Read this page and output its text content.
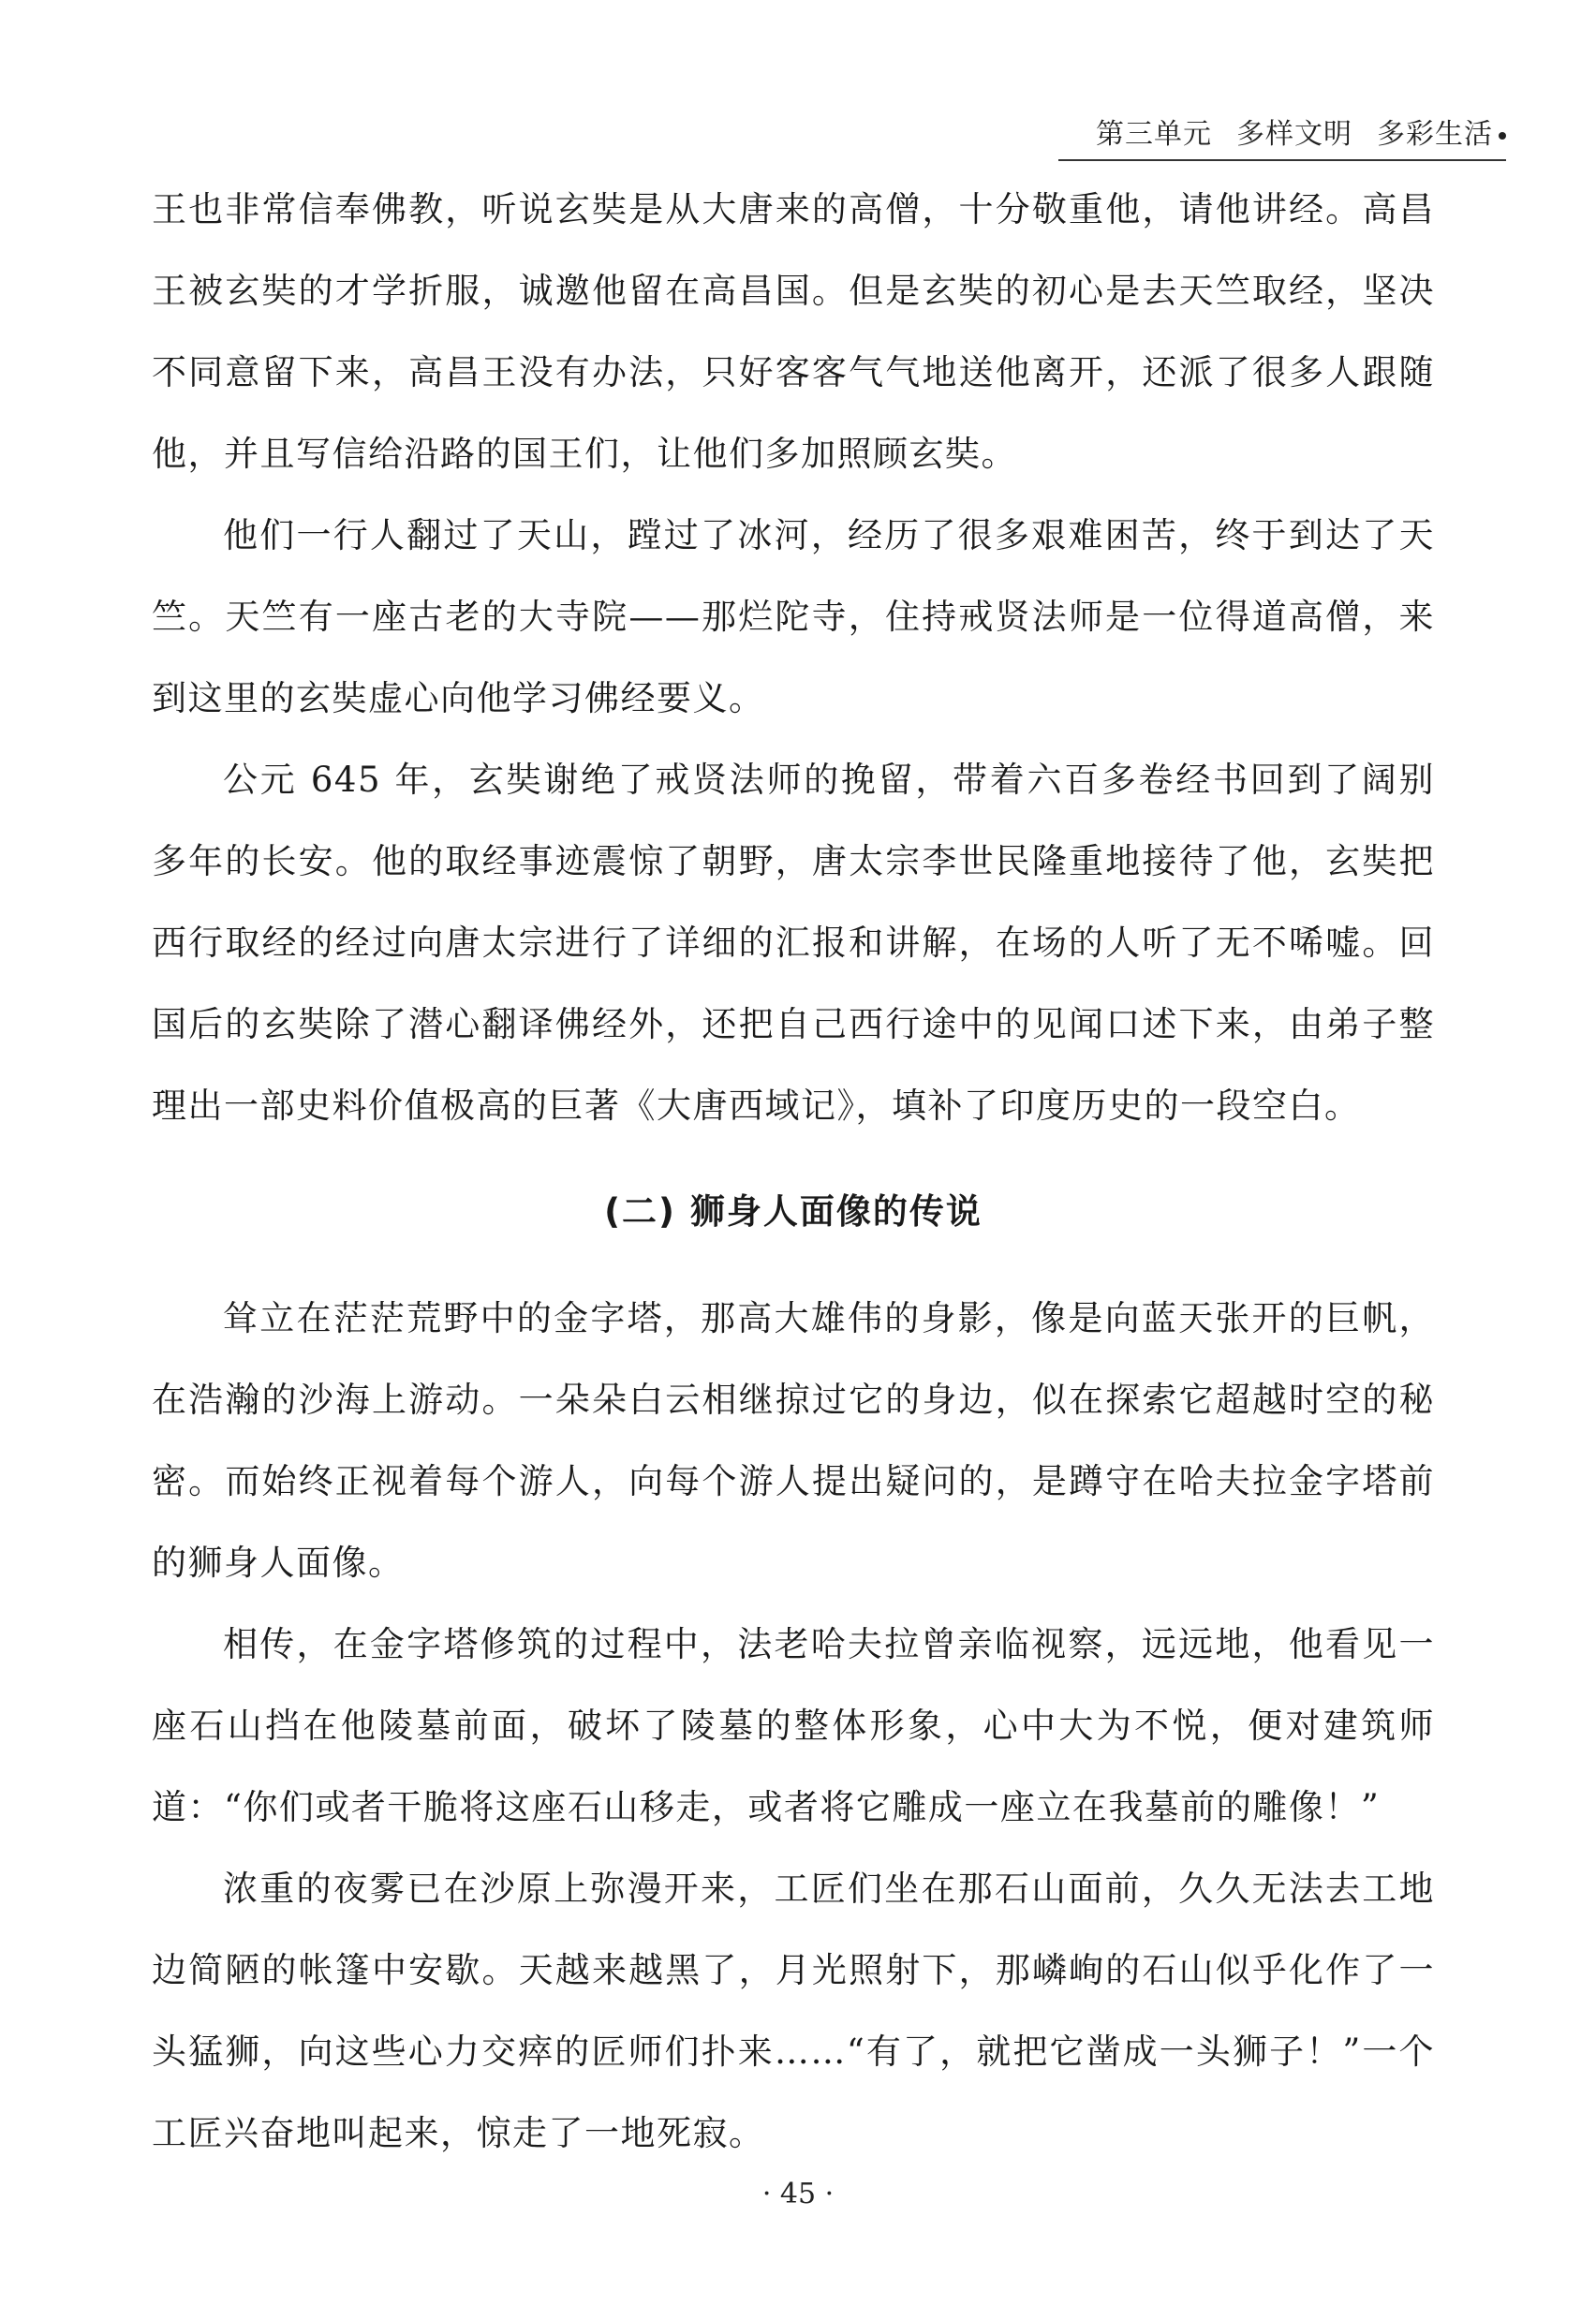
第三单元 多样文明 多彩生活

王也非常信奉佛教，听说玄奘是从大唐来的高僧，十分敬重他，请他讲经。高昌王被玄奘的才学折服，诚邀他留在高昌国。但是玄奘的初心是去天竺取经，坚决不同意留下来，高昌王没有办法，只好客客气气地送他离开，还派了很多人跟随他，并且写信给沿路的国王们，让他们多加照顾玄奘。

他们一行人翻过了天山，蹚过了冰河，经历了很多艰难困苦，终于到达了天竺。天竺有一座古老的大寺院——那烂陀寺，住持戒贤法师是一位得道高僧，来到这里的玄奘虚心向他学习佛经要义。

公元 645 年，玄奘谢绝了戒贤法师的挽留，带着六百多卷经书回到了阔别多年的长安。他的取经事迹震惊了朝野，唐太宗李世民隆重地接待了他，玄奘把西行取经的经过向唐太宗进行了详细的汇报和讲解，在场的人听了无不唏嘘。回国后的玄奘除了潜心翻译佛经外，还把自己西行途中的见闻口述下来，由弟子整理出一部史料价值极高的巨著《大唐西域记》，填补了印度历史的一段空白。

(二) 狮身人面像的传说

耸立在茫茫荒野中的金字塔，那高大雄伟的身影，像是向蓝天张开的巨帆，在浩瀚的沙海上游动。一朵朵白云相继掠过它的身边，似在探索它超越时空的秘密。而始终正视着每个游人，向每个游人提出疑问的，是蹲守在哈夫拉金字塔前的狮身人面像。

相传，在金字塔修筑的过程中，法老哈夫拉曾亲临视察，远远地，他看见一座石山挡在他陵墓前面，破坏了陵墓的整体形象，心中大为不悦，便对建筑师道：“你们或者干脆将这座石山移走，或者将它雕成一座立在我墓前的雕像！”

浓重的夜雾已在沙原上弥漫开来，工匠们坐在那石山面前，久久无法去工地边简陋的帐篷中安歇。天越来越黑了，月光照射下，那嶙峋的石山似乎化作了一头猛狮，向这些心力交瘁的匠师们扑来……“有了，就把它凿成一头狮子！”一个工匠兴奋地叫起来，惊走了一地死寂。

· 45 ·
